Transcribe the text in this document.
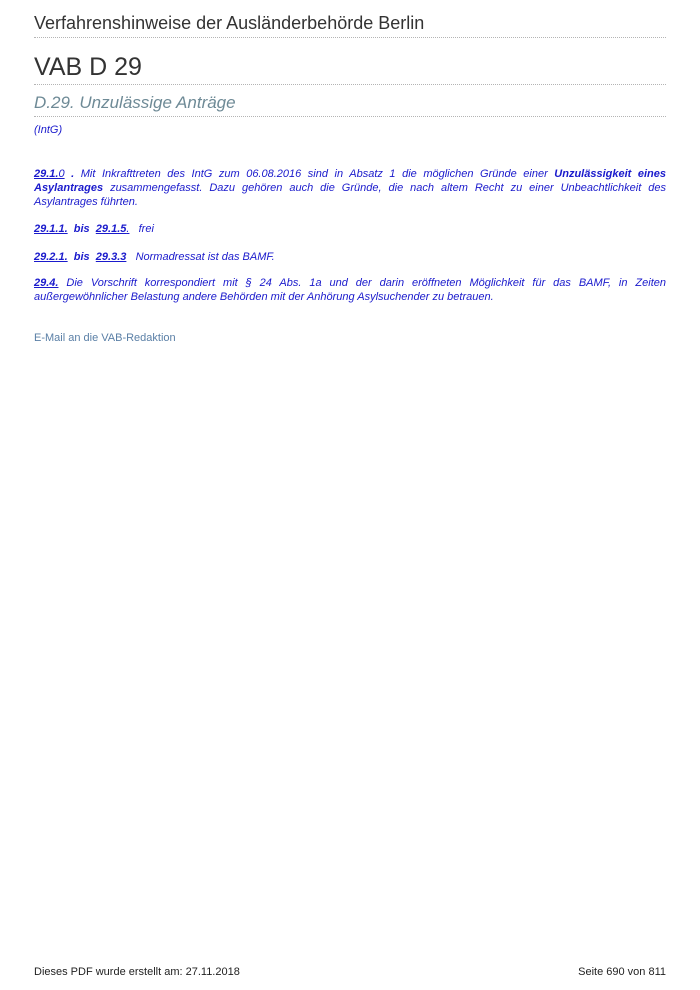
Verfahrenshinweise der Ausländerbehörde Berlin
VAB D 29
D.29. Unzulässige Anträge
(IntG)
29.1.0 . Mit Inkrafttreten des IntG zum 06.08.2016 sind in Absatz 1 die möglichen Gründe einer Unzulässigkeit eines Asylantrages zusammengefasst. Dazu gehören auch die Gründe, die nach altem Recht zu einer Unbeachtlichkeit des Asylantrages führten.
29.1.1. bis 29.1.5. frei
29.2.1. bis 29.3.3 Normadressat ist das BAMF.
29.4. Die Vorschrift korrespondiert mit § 24 Abs. 1a und der darin eröffneten Möglichkeit für das BAMF, in Zeiten außergewöhnlicher Belastung andere Behörden mit der Anhörung Asylsuchender zu betrauen.
E-Mail an die VAB-Redaktion
Dieses PDF wurde erstellt am: 27.11.2018	Seite 690 von 811
